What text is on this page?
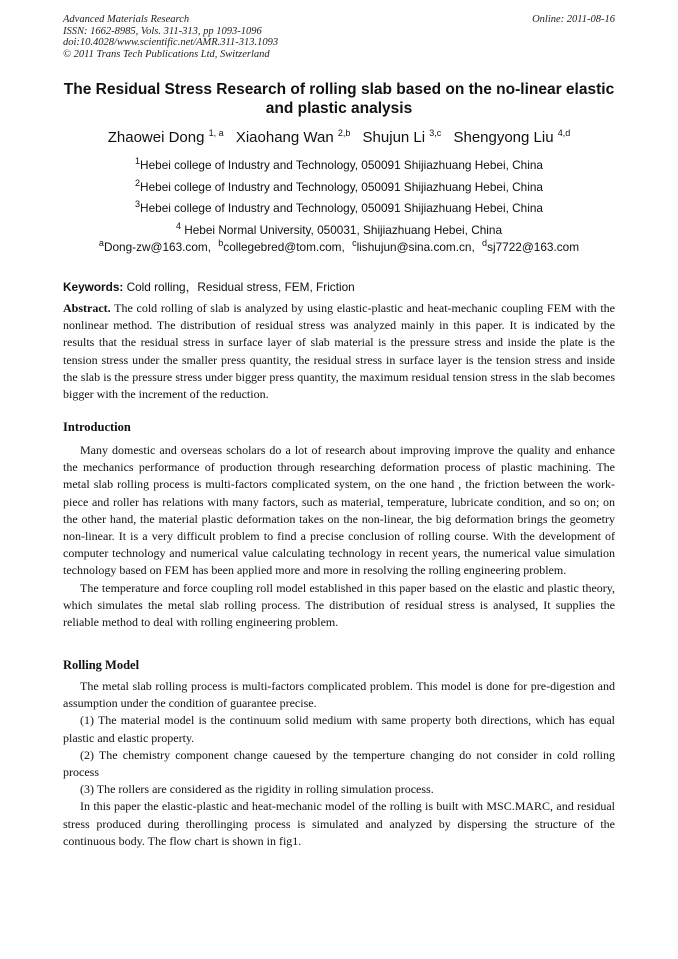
Advanced Materials Research
ISSN: 1662-8985, Vols. 311-313, pp 1093-1096
doi:10.4028/www.scientific.net/AMR.311-313.1093
© 2011 Trans Tech Publications Ltd, Switzerland
Online: 2011-08-16
The Residual Stress Research of rolling slab based on the no-linear elastic and plastic analysis
Zhaowei Dong $^{1, a}$ Xiaohang Wan $^{2,b}$ Shujun Li $^{3,c}$ Shengyong Liu $^{4,d}$
$^1$Hebei college of Industry and Technology, 050091 Shijiazhuang Hebei, China
$^2$Hebei college of Industry and Technology, 050091 Shijiazhuang Hebei, China
$^3$Hebei college of Industry and Technology, 050091 Shijiazhuang Hebei, China
$^4$ Hebei Normal University, 050031, Shijiazhuang Hebei, China
$^a$Dong-zw@163.com, $^b$collegebred@tom.com, $^c$lishujun@sina.com.cn, $^d$sj7722@163.com
Keywords: Cold rolling，Residual stress, FEM, Friction
Abstract. The cold rolling of slab is analyzed by using elastic-plastic and heat-mechanic coupling FEM with the nonlinear method. The distribution of residual stress was analyzed mainly in this paper. It is indicated by the results that the residual stress in surface layer of slab material is the pressure stress and inside the plate is the tension stress under the smaller press quantity, the residual stress in surface layer is the tension stress and inside the slab is the pressure stress under bigger press quantity, the maximum residual tension stress in the slab becomes bigger with the increment of the reduction.
Introduction

Many domestic and overseas scholars do a lot of research about improving improve the quality and enhance the mechanics performance of production through researching deformation process of plastic machining. The metal slab rolling process is multi-factors complicated system, on the one hand , the friction between the work-piece and roller has relations with many factors, such as material, temperature, lubricate condition, and so on; on the other hand, the material plastic deformation takes on the non-linear, the big deformation brings the geometry non-linear. It is a very difficult problem to find a precise conclusion of rolling course. With the development of computer technology and numerical value calculating technology in recent years, the numerical value simulation technology based on FEM has been applied more and more in resolving the rolling engineering problem.

The temperature and force coupling roll model established in this paper based on the elastic and plastic theory, which simulates the metal slab rolling process. The distribution of residual stress is analysed, It supplies the reliable method to deal with rolling engineering problem.

Rolling Model

The metal slab rolling process is multi-factors complicated problem. This model is done for pre-digestion and assumption under the condition of guarantee precise.

(1) The material model is the continuum solid medium with same property both directions, which has equal plastic and elastic property.

(2) The chemistry component change cauesed by the temperture changing do not consider in cold rolling process

(3) The rollers are considered as the rigidity in rolling simulation process.

In this paper the elastic-plastic and heat-mechanic model of the rolling is built with MSC.MARC, and residual stress produced during therollinging process is simulated and analyzed by dispersing the structure of the continuous body. The flow chart is shown in fig1.
